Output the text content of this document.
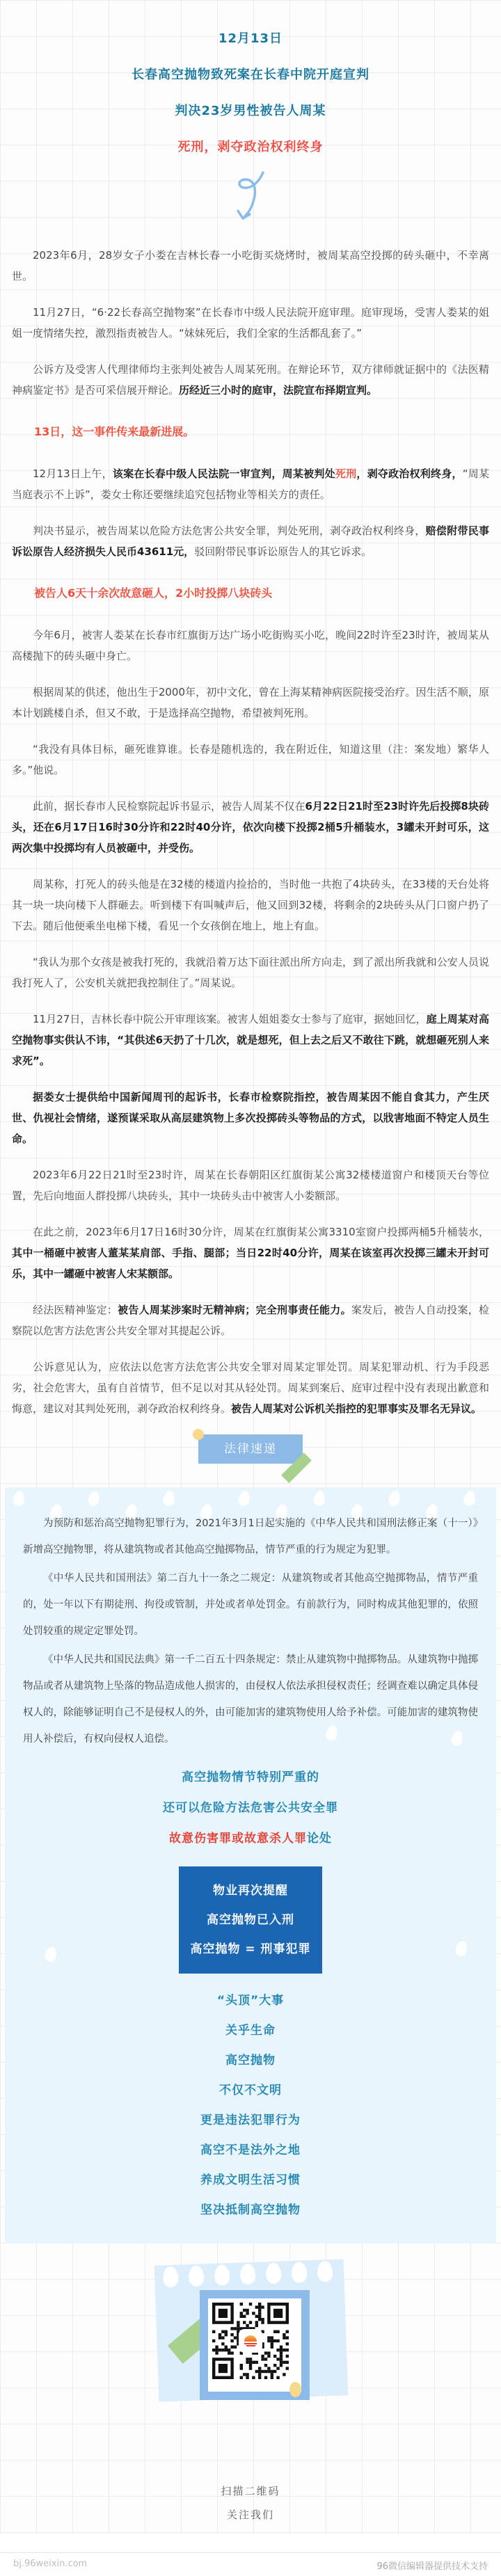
12月13日
长春高空抛物致死案在长春中院开庭宣判
判决23岁男性被告人周某
死刑，剥夺政治权利终身

2023年6月，28岁女子小娄在吉林长春一小吃街买烧烤时，被周某高空投掷的砖头砸中，不幸离世。

11月27日，“6·22长春高空抛物案”在长春市中级人民法院开庭审理。庭审现场，受害人娄某的姐姐一度情绪失控，激烈指责被告人。“妹妹死后，我们全家的生活都乱套了。”

公诉方及受害人代理律师均主张判处被告人周某死刑。在辩论环节，双方律师就证据中的《法医精神病鉴定书》是否可采信展开辩论。历经近三小时的庭审，法院宣布择期宣判。

13日，这一事件传来最新进展。

12月13日上午，该案在长春中级人民法院一审宣判，周某被判处死刑，剥夺政治权利终身，“周某当庭表示不上诉”，娄女士称还要继续追究包括物业等相关方的责任。

判决书显示，被告周某以危险方法危害公共安全罪，判处死刑，剥夺政治权利终身，赔偿附带民事诉讼原告人经济损失人民币43611元，驳回附带民事诉讼原告人的其它诉求。

被告人6天十余次故意砸人，2小时投掷八块砖头

今年6月，被害人娄某在长春市红旗街万达广场小吃街购买小吃，晚间22时许至23时许，被周某从高楼抛下的砖头砸中身亡。

根据周某的供述，他出生于2000年，初中文化，曾在上海某精神病医院接受治疗。因生活不顺，原本计划跳楼自杀，但又不敢，于是选择高空抛物，希望被判死刑。

“我没有具体目标，砸死谁算谁。长春是随机选的，我在附近住，知道这里（注：案发地）繁华人多。”他说。

此前，据长春市人民检察院起诉书显示，被告人周某不仅在6月22日21时至23时许先后投掷8块砖头，还在6月17日16时30分许和22时40分许，依次向楼下投掷2桶5升桶装水，3罐未开封可乐，这两次集中投掷均有人员被砸中，并受伤。

周某称，打死人的砖头他是在32楼的楼道内捡拾的，当时他一共抱了4块砖头，在33楼的天台处将其一块一块向楼下人群砸去。听到楼下有叫喊声后，他又回到32楼，将剩余的2块砖头从门口窗户扔了下去。随后他便乘坐电梯下楼，看见一个女孩倒在地上，地上有血。

“我认为那个女孩是被我打死的，我就沿着万达下面往派出所方向走，到了派出所我就和公安人员说我打死人了，公安机关就把我控制住了。”周某说。

11月27日，吉林长春中院公开审理该案。被害人姐姐娄女士参与了庭审，据她回忆，庭上周某对高空抛物事实供认不讳，“其供述6天扔了十几次，就是想死，但上去之后又不敢往下跳，就想砸死别人来求死”。

据娄女士提供给中国新闻周刊的起诉书，长春市检察院指控，被告周某因不能自食其力，产生厌世、仇视社会情绪，遂预谋采取从高层建筑物上多次投掷砖头等物品的方式，以戕害地面不特定人员生命。

2023年6月22日21时至23时许，周某在长春朝阳区红旗街某公寓32楼楼道窗户和楼顶天台等位置，先后向地面人群投掷八块砖头，其中一块砖头击中被害人小娄额部。

在此之前，2023年6月17日16时30分许，周某在红旗街某公寓3310室窗户投掷两桶5升桶装水，其中一桶砸中被害人董某某肩部、手指、腿部；当日22时40分许，周某在该室再次投掷三罐未开封可乐，其中一罐砸中被害人宋某额部。

经法医精神鉴定：被告人周某涉案时无精神病；完全刑事责任能力。案发后，被告人自动投案，检察院以危害方法危害公共安全罪对其提起公诉。

公诉意见认为，应依法以危害方法危害公共安全罪对周某定罪处罚。周某犯罪动机、行为手段恶劣，社会危害大，虽有自首情节，但不足以对其从轻处罚。周某到案后、庭审过程中没有表现出歉意和悔意，建议对其判处死刑，剥夺政治权利终身。被告人周某对公诉机关指控的犯罪事实及罪名无异议。

法律速递

为预防和惩治高空抛物犯罪行为，2021年3月1日起实施的《中华人民共和国刑法修正案（十一）》新增高空抛物罪，将从建筑物或者其他高空抛掷物品，情节严重的行为规定为犯罪。

《中华人民共和国刑法》第二百九十一条之二规定：从建筑物或者其他高空抛掷物品，情节严重的，处一年以下有期徒刑、拘役或管制，并处或者单处罚金。有前款行为，同时构成其他犯罪的，依照处罚较重的规定定罪处罚。

《中华人民共和国民法典》第一千二百五十四条规定：禁止从建筑物中抛掷物品。从建筑物中抛掷物品或者从建筑物上坠落的物品造成他人损害的，由侵权人依法承担侵权责任；经调查难以确定具体侵权人的，除能够证明自己不是侵权人的外，由可能加害的建筑物使用人给予补偿。可能加害的建筑物使用人补偿后，有权向侵权人追偿。

高空抛物情节特别严重的
还可以危险方法危害公共安全罪
故意伤害罪或故意杀人罪论处
物业再次提醒
高空抛物已入刑
高空抛物 = 刑事犯罪
“头顶”大事
关乎生命
高空抛物
不仅不文明
更是违法犯罪行为
高空不是法外之地
养成文明生活习惯
坚决抵制高空抛物
扫描二维码
关注我们
bj.96weixin.com	96微信编辑器提供技术支持
